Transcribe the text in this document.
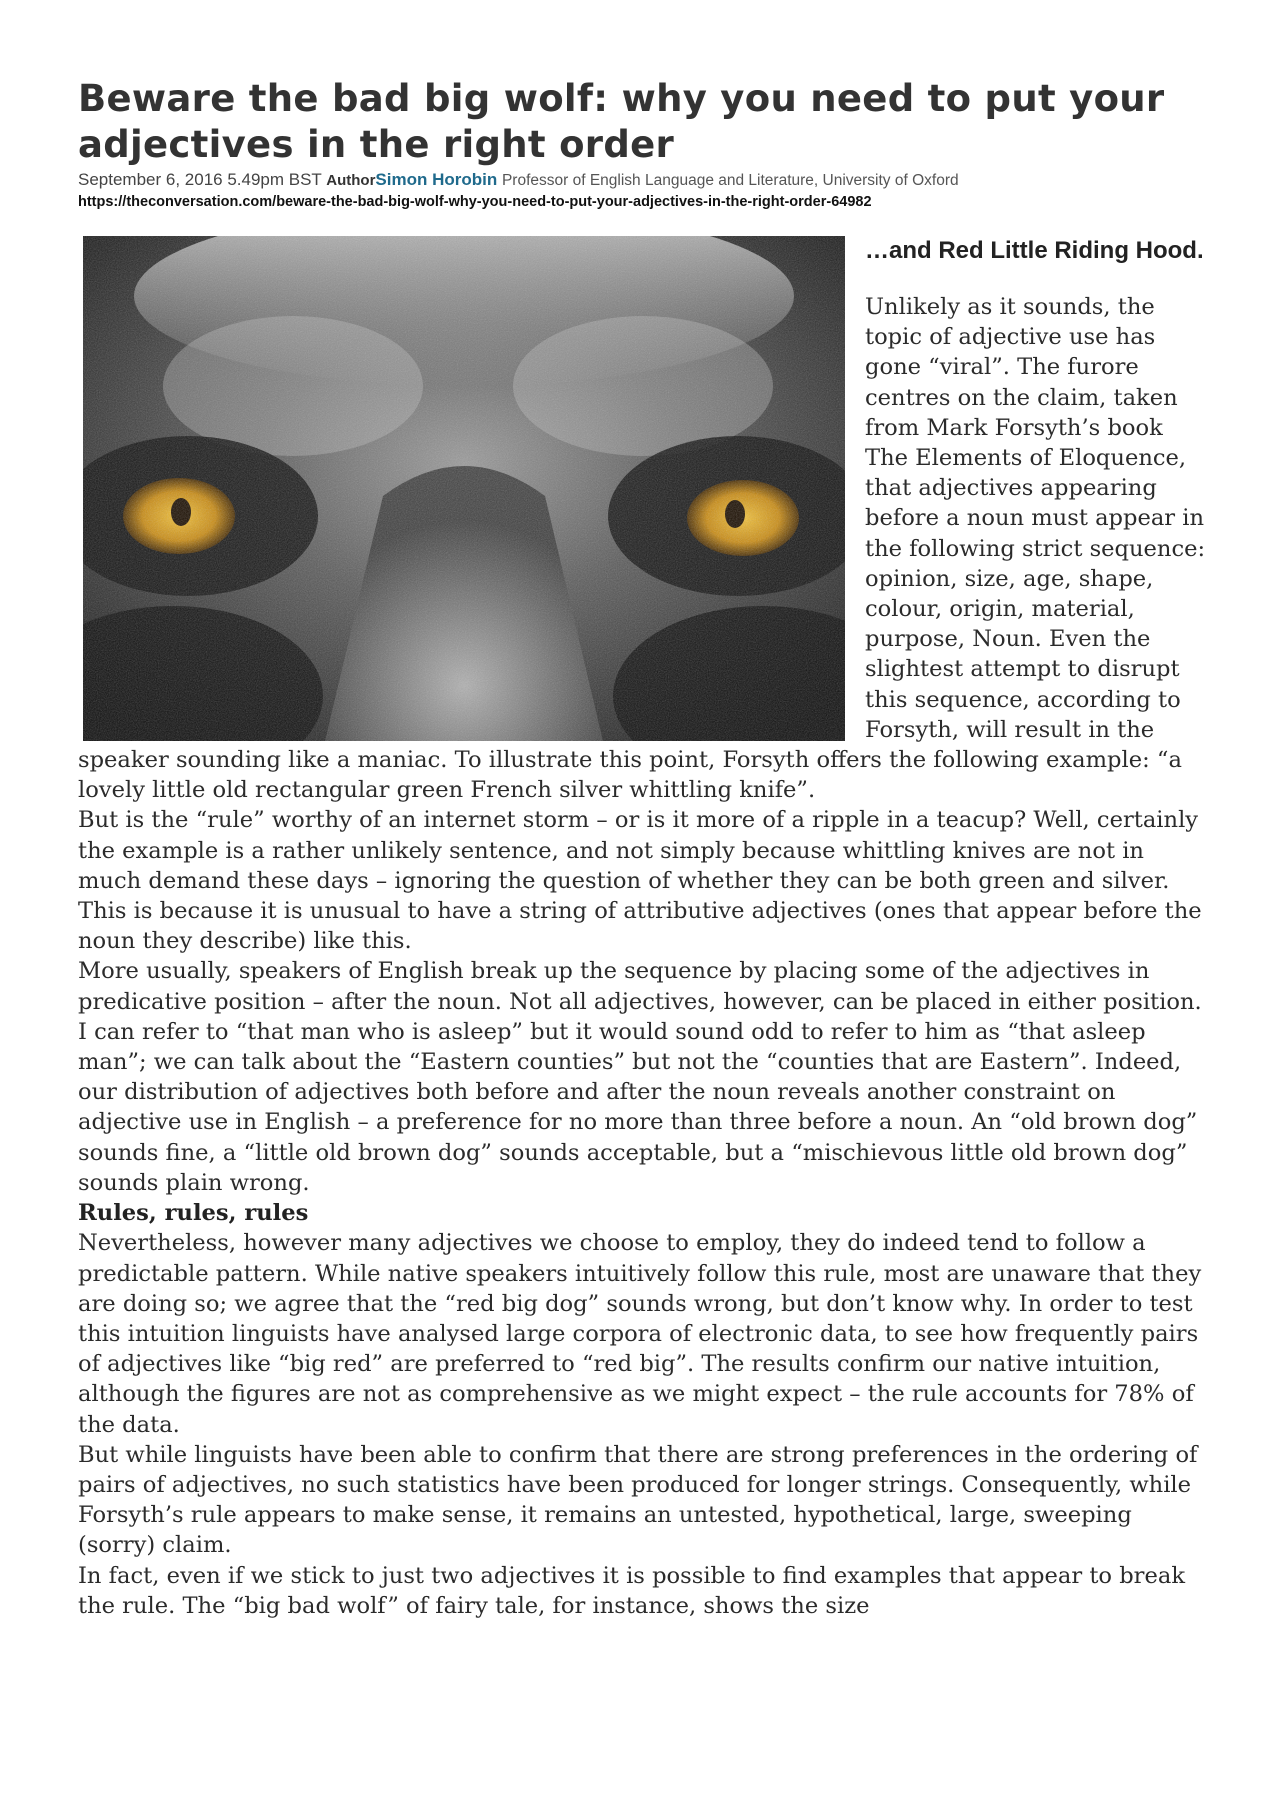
Beware the bad big wolf: why you need to put your adjectives in the right order
September 6, 2016 5.49pm BST AuthorSimon Horobin Professor of English Language and Literature, University of Oxford
https://theconversation.com/beware-the-bad-big-wolf-why-you-need-to-put-your-adjectives-in-the-right-order-64982
…and Red Little Riding Hood.

Unlikely as it sounds, the topic of adjective use has gone “viral”. The furore centres on the claim, taken from Mark Forsyth’s book The Elements of Eloquence, that adjectives appearing before a noun must appear in the following strict sequence: opinion, size, age, shape, colour, origin, material, purpose, Noun. Even the slightest attempt to disrupt this sequence, according to Forsyth, will result in the speaker sounding like a maniac. To illustrate this point, Forsyth offers the following example: “a lovely little old rectangular green French silver whittling knife”.

But is the “rule” worthy of an internet storm – or is it more of a ripple in a teacup? Well, certainly the example is a rather unlikely sentence, and not simply because whittling knives are not in much demand these days – ignoring the question of whether they can be both green and silver. This is because it is unusual to have a string of attributive adjectives (ones that appear before the noun they describe) like this.

More usually, speakers of English break up the sequence by placing some of the adjectives in predicative position – after the noun. Not all adjectives, however, can be placed in either position. I can refer to “that man who is asleep” but it would sound odd to refer to him as “that asleep man”; we can talk about the “Eastern counties” but not the “counties that are Eastern”. Indeed, our distribution of adjectives both before and after the noun reveals another constraint on adjective use in English – a preference for no more than three before a noun. An “old brown dog” sounds fine, a “little old brown dog” sounds acceptable, but a “mischievous little old brown dog” sounds plain wrong.

Rules, rules, rules

Nevertheless, however many adjectives we choose to employ, they do indeed tend to follow a predictable pattern. While native speakers intuitively follow this rule, most are unaware that they are doing so; we agree that the “red big dog” sounds wrong, but don’t know why. In order to test this intuition linguists have analysed large corpora of electronic data, to see how frequently pairs of adjectives like “big red” are preferred to “red big”. The results confirm our native intuition, although the figures are not as comprehensive as we might expect – the rule accounts for 78% of the data.

But while linguists have been able to confirm that there are strong preferences in the ordering of pairs of adjectives, no such statistics have been produced for longer strings. Consequently, while Forsyth’s rule appears to make sense, it remains an untested, hypothetical, large, sweeping (sorry) claim.

In fact, even if we stick to just two adjectives it is possible to find examples that appear to break the rule. The “big bad wolf” of fairy tale, for instance, shows the size
